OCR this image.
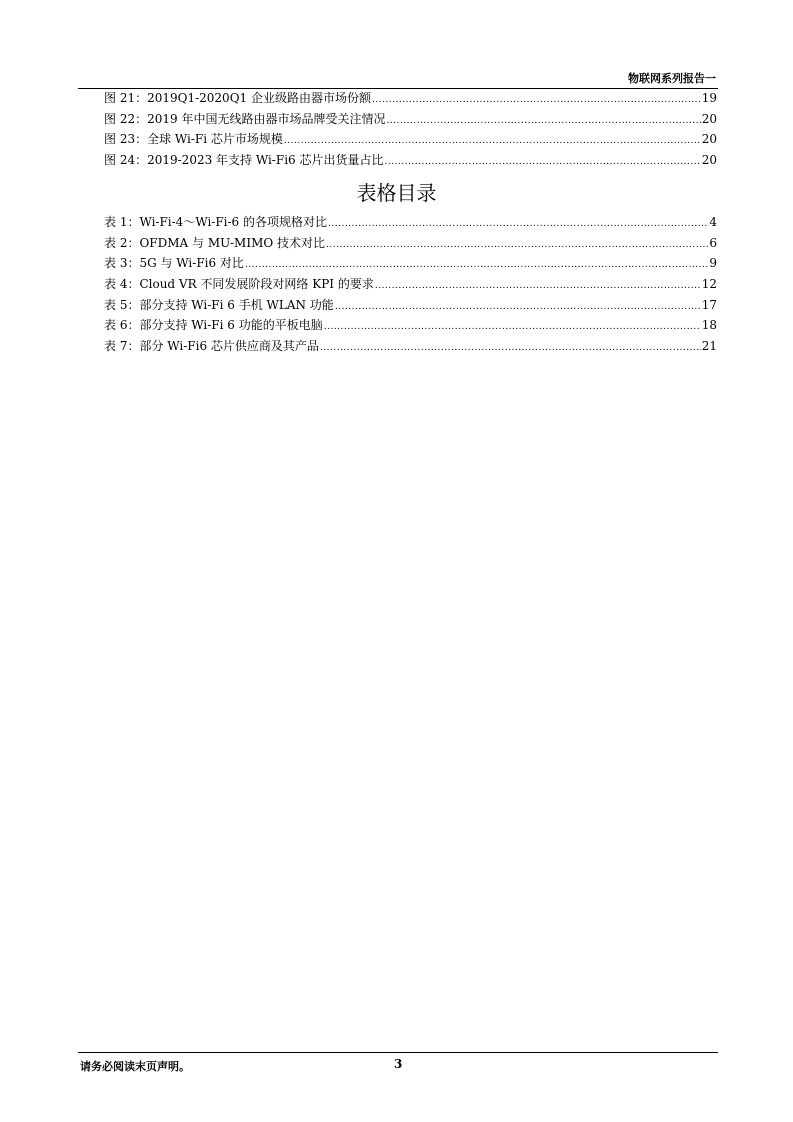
物联网系列报告一
图 21：2019Q1-2020Q1 企业级路由器市场份额 .....	19
图 22：2019 年中国无线路由器市场品牌受关注情况 .....	20
图 23：全球 Wi-Fi 芯片市场规模 .....	20
图 24：2019-2023 年支持 Wi-Fi6 芯片出货量占比 .....	20
表格目录
表 1：Wi-Fi-4～Wi-Fi-6 的各项规格对比 .....	4
表 2：OFDMA 与 MU-MIMO 技术对比 .....	6
表 3：5G 与 Wi-Fi6 对比 .....	9
表 4：Cloud VR 不同发展阶段对网络 KPI 的要求 .....	12
表 5：部分支持 Wi-Fi 6 手机 WLAN 功能 .....	17
表 6：部分支持 Wi-Fi 6 功能的平板电脑 .....	18
表 7：部分 Wi-Fi6 芯片供应商及其产品 .....	21
请务必阅读末页声明。	3
